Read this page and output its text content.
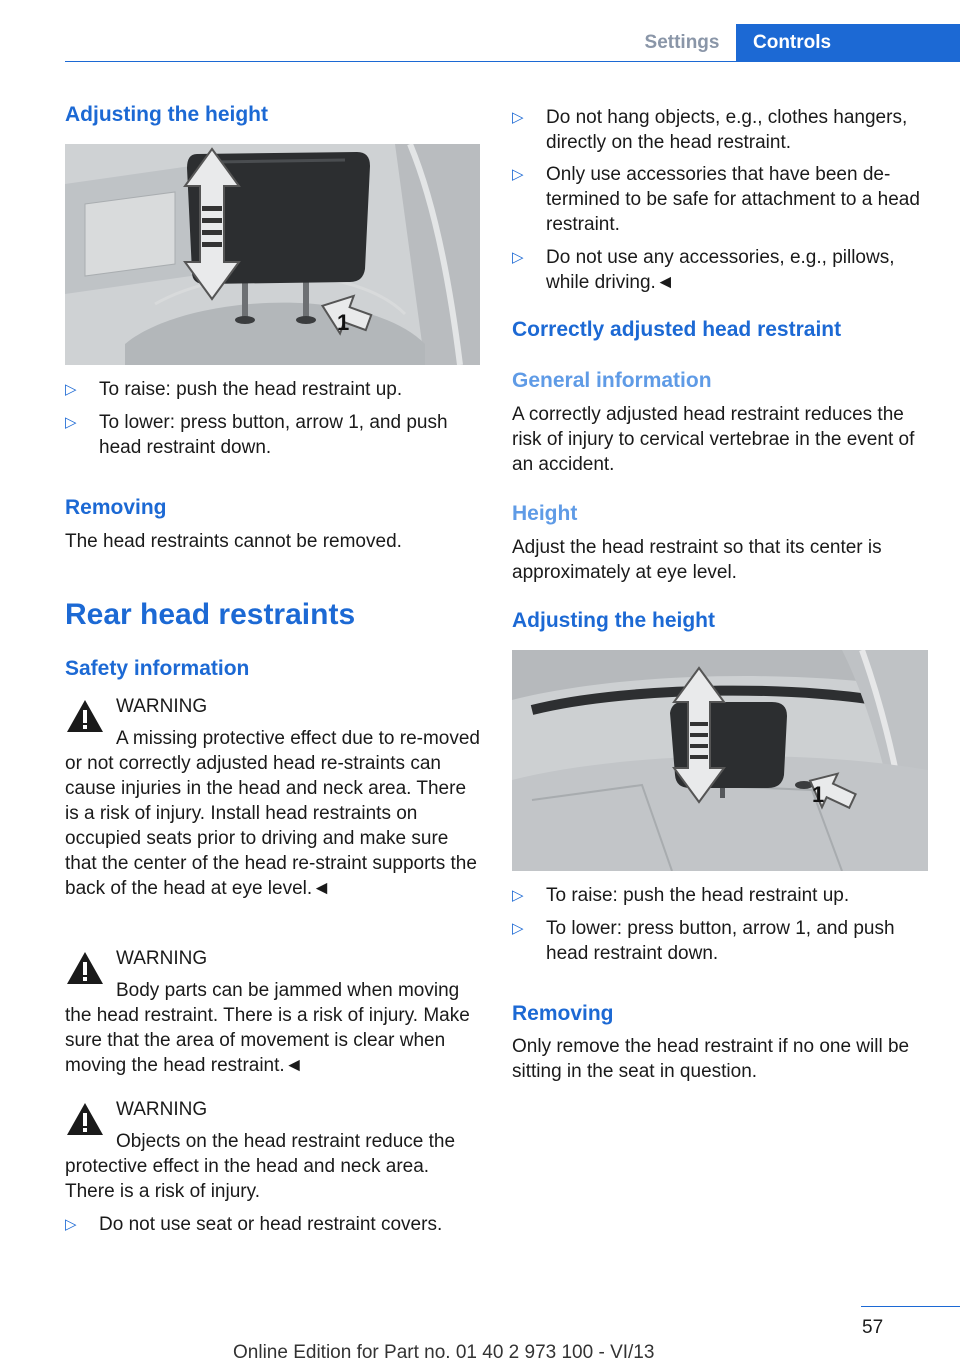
Settings	Controls
Adjusting the height
1
▷ To raise: push the head restraint up.
▷ To lower: press button, arrow 1, and push head restraint down.
Removing
The head restraints cannot be removed.
Rear head restraints
Safety information
WARNING
A missing protective effect due to re-moved or not correctly adjusted head re-straints can cause injuries in the head and neck area. There is a risk of injury. Install head restraints on occupied seats prior to driving and make sure that the center of the head re-straint supports the back of the head at eye level.◄
WARNING
Body parts can be jammed when moving the head restraint. There is a risk of injury. Make sure that the area of movement is clear when moving the head restraint.◄
WARNING
Objects on the head restraint reduce the protective effect in the head and neck area. There is a risk of injury.
▷ Do not use seat or head restraint covers.
▷ Do not hang objects, e.g., clothes hangers, directly on the head restraint.
▷ Only use accessories that have been de-termined to be safe for attachment to a head restraint.
▷ Do not use any accessories, e.g., pillows, while driving.◄
Correctly adjusted head restraint
General information
A correctly adjusted head restraint reduces the risk of injury to cervical vertebrae in the event of an accident.
Height
Adjust the head restraint so that its center is approximately at eye level.
Adjusting the height
1
▷ To raise: push the head restraint up.
▷ To lower: press button, arrow 1, and push head restraint down.
Removing
Only remove the head restraint if no one will be sitting in the seat in question.
57
Online Edition for Part no. 01 40 2 973 100 - VI/13
